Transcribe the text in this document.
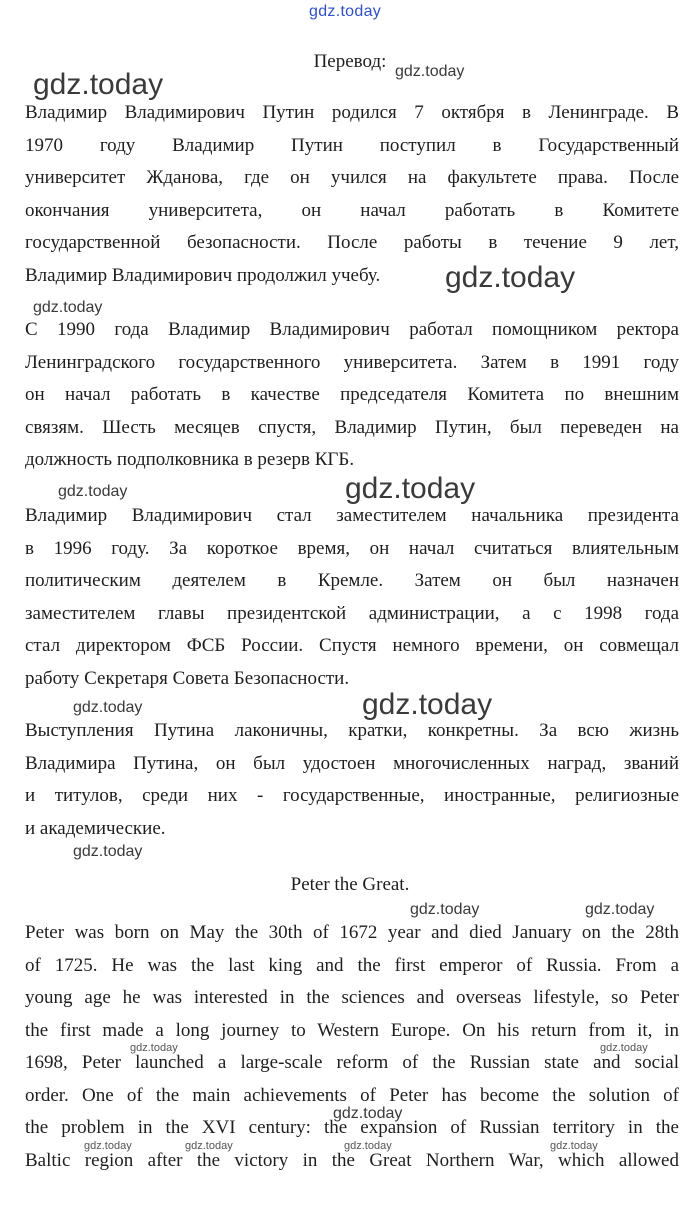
gdz.today
gdz.today	gdz.today
gdz.today
gdz.today
gdz.today	gdz.today
gdz.today	gdz.today
gdz.today
gdz.today	gdz.today
gdz.today	gdz.today
gdz.today
gdz.today	gdz.today	gdz.today	gdz.today
Перевод:
Владимир Владимирович Путин родился 7 октября в Ленинграде. В
1970 году Владимир Путин поступил в Государственный
университет Жданова, где он учился на факультете права. После
окончания университета, он начал работать в Комитете
государственной безопасности. После работы в течение 9 лет,
Владимир Владимирович продолжил учебу.
С 1990 года Владимир Владимирович работал помощником ректора
Ленинградского государственного университета. Затем в 1991 году
он начал работать в качестве председателя Комитета по внешним
связям. Шесть месяцев спустя, Владимир Путин, был переведен на
должность подполковника в резерв КГБ.
Владимир Владимирович стал заместителем начальника президента
в 1996 году. За короткое время, он начал считаться влиятельным
политическим деятелем в Кремле. Затем он был назначен
заместителем главы президентской администрации, а с 1998 года
стал директором ФСБ России. Спустя немного времени, он совмещал
работу Секретаря Совета Безопасности.
Выступления Путина лаконичны, кратки, конкретны. За всю жизнь
Владимира Путина, он был удостоен многочисленных наград, званий
и титулов, среди них - государственные, иностранные, религиозные
и академические.
Peter the Great.
Peter was born on May the 30th of 1672 year and died January on the 28th
of 1725. He was the last king and the first emperor of Russia. From a
young age he was interested in the sciences and overseas lifestyle, so Peter
the first made a long journey to Western Europe. On his return from it, in
1698, Peter launched a large-scale reform of the Russian state and social
order. One of the main achievements of Peter has become the solution of
the problem in the XVI century: the expansion of Russian territory in the
Baltic region after the victory in the Great Northern War, which allowed
